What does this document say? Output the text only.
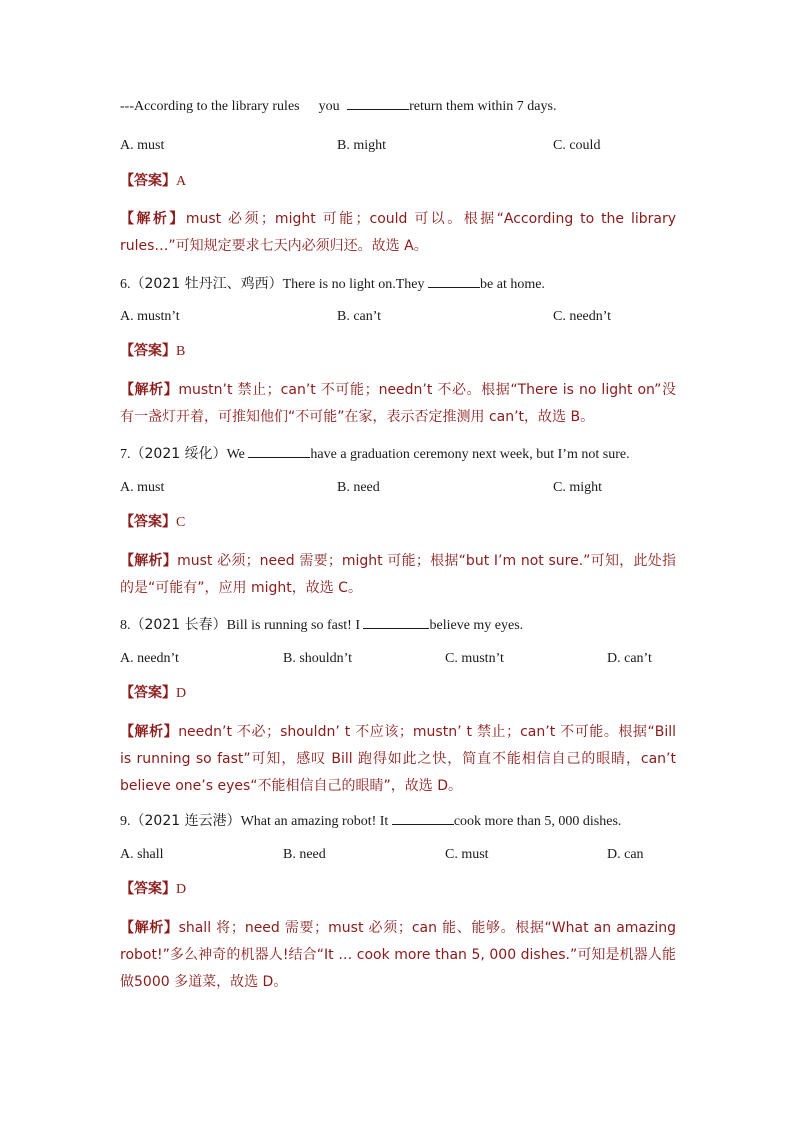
---According to the library rules you	return them within 7 days.
A. must	B. might	C. could
【答案】A
【解析】must 必须；might 可能；could 可以。根据“According to the library rules…”可知规定要求七天内必须归还。故选 A。
6.（2021 牡丹江、鸡西）There is no light on.They	be at home.
A. mustn’t	B. can’t	C. needn’t
【答案】B
【解析】mustn’t 禁止；can’t 不可能；needn’t 不必。根据“There is no light on”没有一盏灯开着，可推知他们“不可能”在家，表示否定推测用 can’t，故选 B。
7.（2021 绥化）We	have a graduation ceremony next week, but I’m not sure.
A. must	B. need	C. might
【答案】C
【解析】must 必须；need 需要；might 可能；根据“but I’m not sure.”可知，此处指的是“可能有”，应用 might，故选 C。
8.（2021 长春）Bill is running so fast! I	believe my eyes.
A. needn’t	B. shouldn’t	C. mustn’t	D. can’t
【答案】D
【解析】needn’t 不必；shouldn’ t 不应该；mustn’ t 禁止；can’t 不可能。根据“Bill is running so fast”可知，感叹 Bill 跑得如此之快，简直不能相信自己的眼睛，can’t believe one’s eyes“不能相信自己的眼睛”，故选 D。
9.（2021 连云港）What an amazing robot! It	cook more than 5, 000 dishes.
A. shall	B. need	C. must	D. can
【答案】D
【解析】shall 将；need 需要；must 必须；can 能、能够。根据“What an amazing robot!”多么神奇的机器人!结合“It … cook more than 5, 000 dishes.”可知是机器人能做5000 多道菜，故选 D。
